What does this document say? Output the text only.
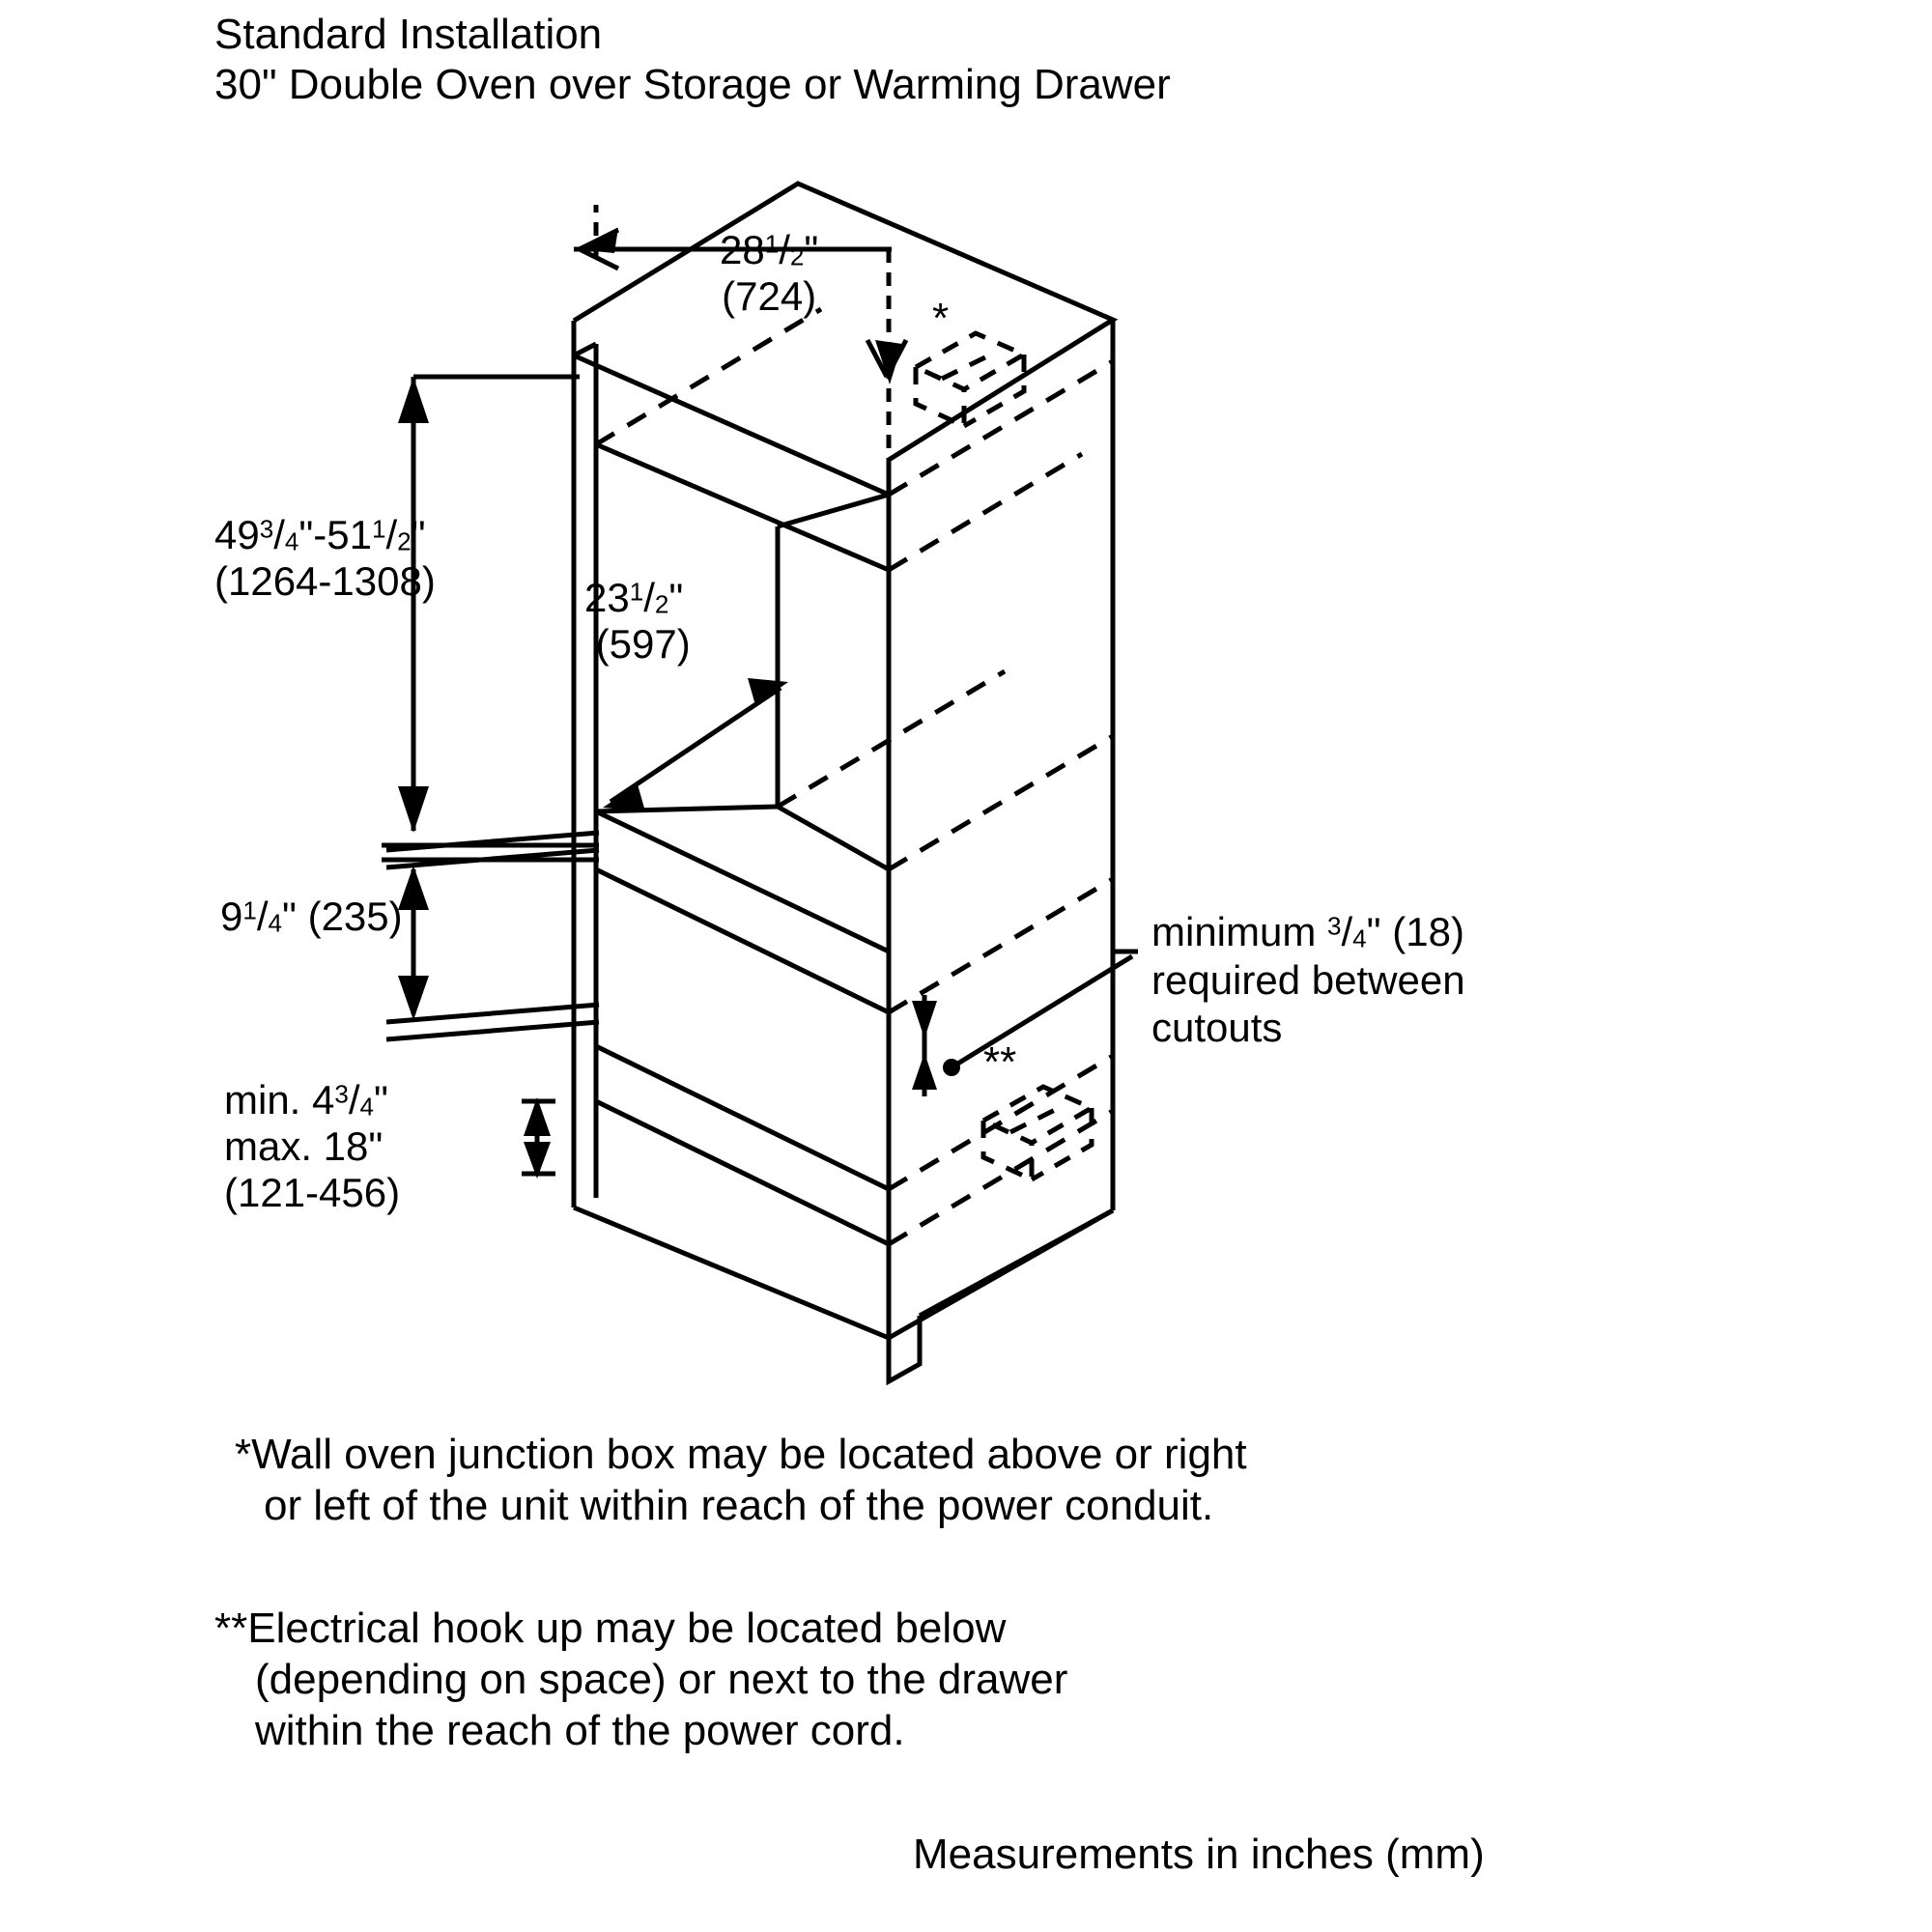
Standard Installation
30" Double Oven over Storage or Warming Drawer
$28^1/2$"
(724)
$49^3/4"-51^1/2$"
(1264-1308)	$23^1/2$"
(597)
$9^1/4$" (235)
min. $4^3/4$"
max. 18"
(121-456)
minimum $^3$/4" (18)
required between
cutouts
*
**
*Wall oven junction box may be located above or right
or left of the unit within reach of the power conduit.
**Electrical hook up may be located below
(depending on space) or next to the drawer
within the reach of the power cord.
Measurements in inches (mm)
